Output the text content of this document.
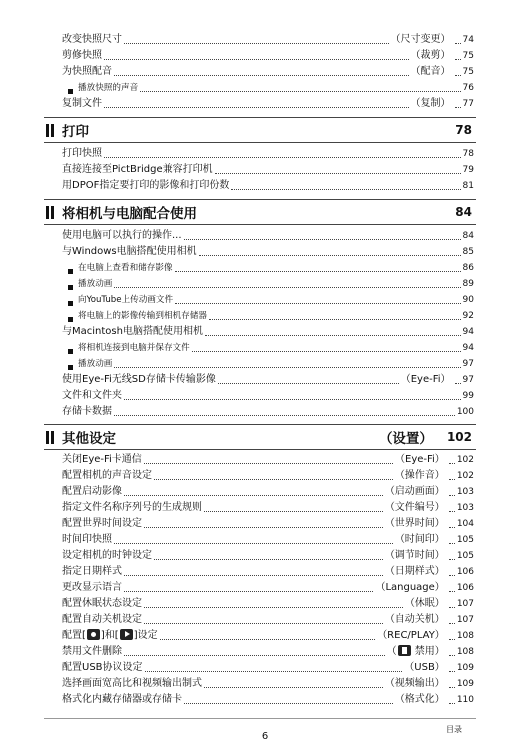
改变快照尺寸	（尺寸变更） 74
剪修快照	（裁剪） 75
为快照配音	（配音） 75
播放快照的声音	76
复制文件	（复制） 77
打印	78
打印快照	78
直接连接至PictBridge兼容打印机	79
用DPOF指定要打印的影像和打印份数	81
将相机与电脑配合使用	84
使用电脑可以执行的操作...	84
与Windows电脑搭配使用相机	85
在电脑上查看和储存影像	86
播放动画	89
向YouTube上传动画文件	90
将电脑上的影像传输到相机存储器	92
与Macintosh电脑搭配使用相机	94
将相机连接到电脑并保存文件	94
播放动画	97
使用Eye-Fi无线SD存储卡传输影像	（Eye-Fi） 97
文件和文件夹	99
存储卡数据	100
其他设定	（设置） 102
关闭Eye-Fi卡通信	（Eye-Fi） 102
配置相机的声音设定	（操作音） 102
配置启动影像	（启动画面） 103
指定文件名称序列号的生成规则	（文件编号） 103
配置世界时间设定	（世界时间） 104
时间印快照	（时间印） 105
设定相机的时钟设定	（调节时间） 105
指定日期样式	（日期样式） 106
更改显示语言	（Language） 106
配置休眠状态设定	（休眠） 107
配置自动关机设定	（自动关机） 107
配置[ ]和[ ]设定	（REC/PLAY） 108
禁用文件删除	（ 禁用） 108
配置USB协议设定	（USB） 109
选择画面宽高比和视频输出制式	（视频输出） 109
格式化内藏存储器或存储卡	（格式化） 110
目录
6
